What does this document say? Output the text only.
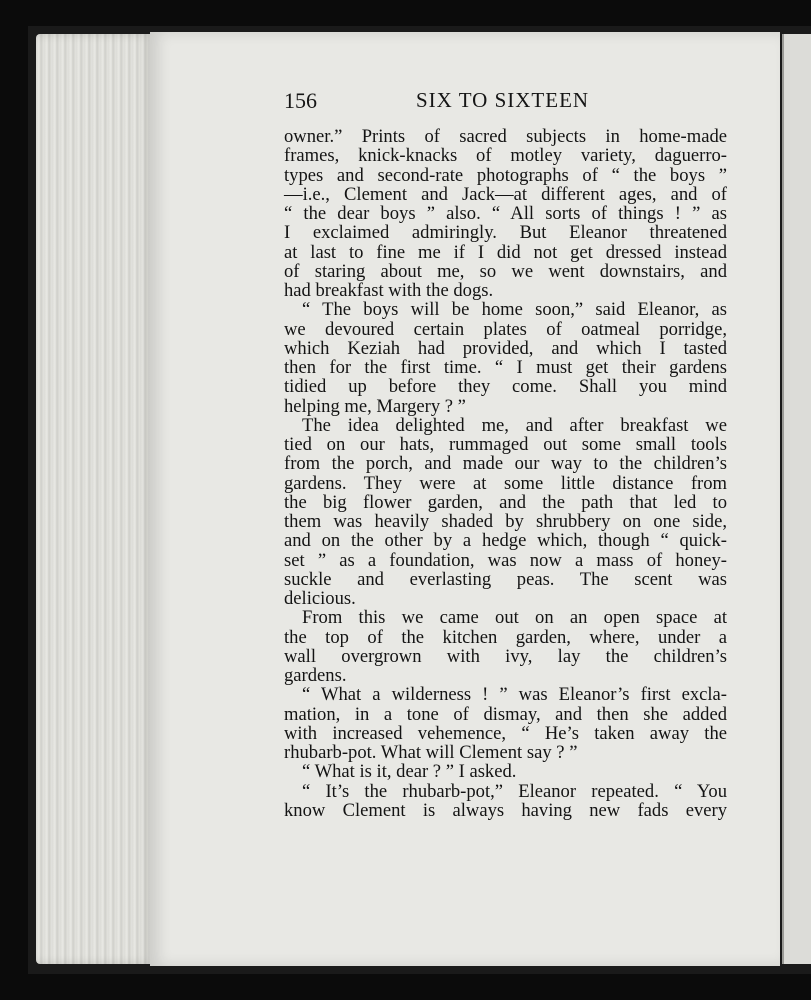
156	SIX TO SIXTEEN
owner.” Prints of sacred subjects in home-made
frames, knick-knacks of motley variety, daguerro-
types and second-rate photographs of “ the boys ”
—i.e., Clement and Jack—at different ages, and of
“ the dear boys ” also. “ All sorts of things ! ” as
I exclaimed admiringly. But Eleanor threatened
at last to fine me if I did not get dressed instead
of staring about me, so we went downstairs, and
had breakfast with the dogs.
“ The boys will be home soon,” said Eleanor, as
we devoured certain plates of oatmeal porridge,
which Keziah had provided, and which I tasted
then for the first time. “ I must get their gardens
tidied up before they come. Shall you mind
helping me, Margery ? ”
The idea delighted me, and after breakfast we
tied on our hats, rummaged out some small tools
from the porch, and made our way to the children’s
gardens. They were at some little distance from
the big flower garden, and the path that led to
them was heavily shaded by shrubbery on one side,
and on the other by a hedge which, though “ quick-
set ” as a foundation, was now a mass of honey-
suckle and everlasting peas. The scent was
delicious.
From this we came out on an open space at
the top of the kitchen garden, where, under a
wall overgrown with ivy, lay the children’s
gardens.
“ What a wilderness ! ” was Eleanor’s first excla-
mation, in a tone of dismay, and then she added
with increased vehemence, “ He’s taken away the
rhubarb-pot. What will Clement say ? ”
“ What is it, dear ? ” I asked.
“ It’s the rhubarb-pot,” Eleanor repeated. “ You
know Clement is always having new fads every
